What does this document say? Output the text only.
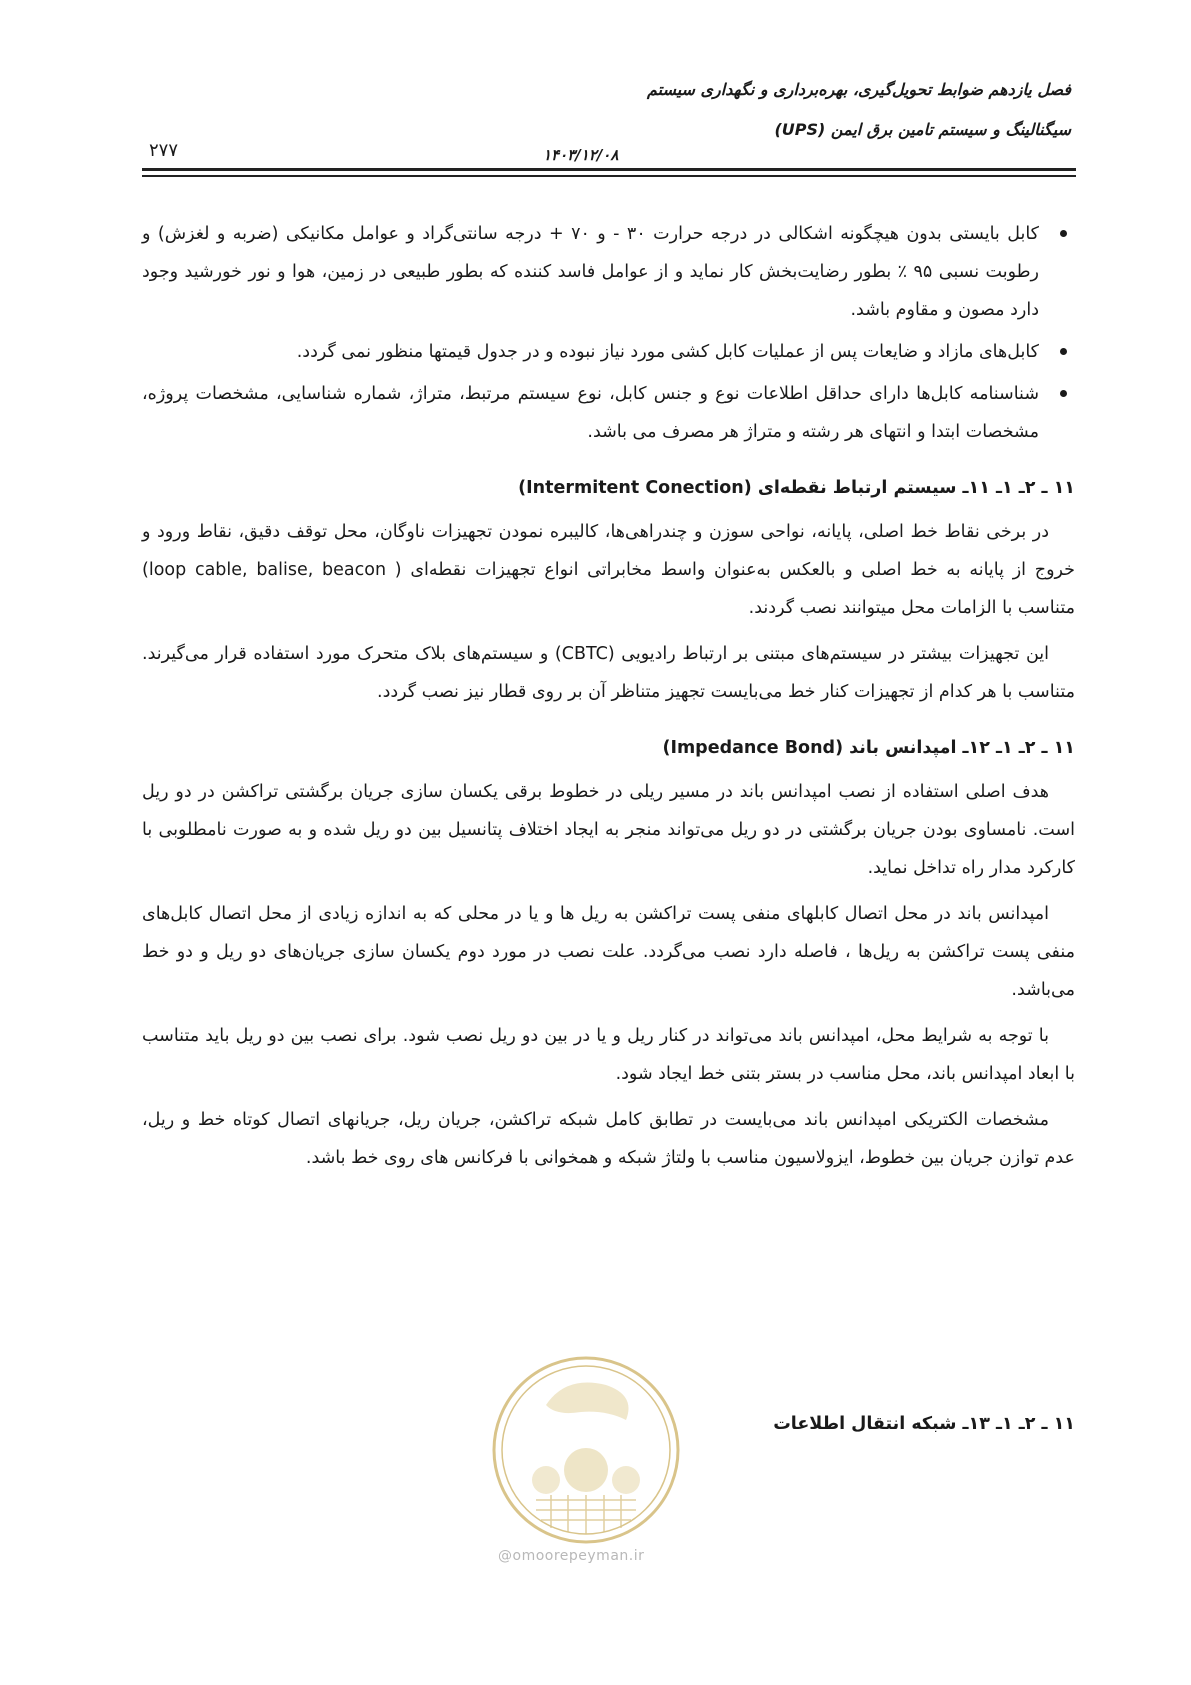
فصل یازدهم ضوابط تحویل‌گیری، بهره‌برداری و نگهداری سیستم
سیگنالینگ و سیستم تامین برق ایمن (UPS)
۱۴۰۳/۱۲/۰۸
۲۷۷
کابل بایستی بدون هیچگونه اشکالی در درجه حرارت ۳۰ - و ۷۰ + درجه سانتی‌گراد و عوامل مکانیکی (ضربه و لغزش) و رطوبت نسبی ۹۵ ٪ بطور رضایت‌بخش کار نماید و از عوامل فاسد کننده که بطور طبیعی در زمین، هوا و نور خورشید وجود دارد مصون و مقاوم باشد.
کابل‌های مازاد و ضایعات پس از عملیات کابل کشی مورد نیاز نبوده و در جدول قیمتها منظور نمی گردد.
شناسنامه کابل‌ها دارای حداقل اطلاعات نوع و جنس کابل، نوع سیستم مرتبط، متراژ، شماره شناسایی، مشخصات پروژه، مشخصات ابتدا و انتهای هر رشته و متراژ هر مصرف می باشد.
۱۱ ـ ۲ـ ۱ـ ۱۱ـ سیستم ارتباط نقطه‌ای (Intermitent Conection)

در برخی نقاط خط اصلی، پایانه، نواحی سوزن و چندراهی‌ها، کالیبره نمودن تجهیزات ناوگان، محل توقف دقیق، نقاط ورود و خروج از پایانه به خط اصلی و بالعکس به‌عنوان واسط مخابراتی انواع تجهیزات نقطه‌ای ( loop cable, balise, beacon) متناسب با الزامات محل میتوانند نصب گردند.

این تجهیزات بیشتر در سیستم‌های مبتنی بر ارتباط رادیویی (CBTC) و سیستم‌های بلاک متحرک مورد استفاده قرار می‌گیرند. متناسب با هر کدام از تجهیزات کنار خط می‌بایست تجهیز متناظر آن بر روی قطار نیز نصب گردد.

۱۱ ـ ۲ـ ۱ـ ۱۲ـ امپدانس باند (Impedance Bond)

هدف اصلی استفاده از نصب امپدانس باند در مسیر ریلی در خطوط برقی یکسان سازی جریان برگشتی تراکشن در دو ریل است. نامساوی بودن جریان برگشتی در دو ریل می‌تواند منجر به ایجاد اختلاف پتانسیل بین دو ریل شده و به صورت نامطلوبی با کارکرد مدار راه تداخل نماید.

امپدانس باند در محل اتصال کابلهای منفی پست تراکشن به ریل ها و یا در محلی که به اندازه زیادی از محل اتصال کابل‌های منفی پست تراکشن به ریل‌ها ، فاصله دارد نصب می‌گردد. علت نصب در مورد دوم یکسان سازی جریان‌های دو ریل و دو خط می‌باشد.

با توجه به شرایط محل، امپدانس باند می‌تواند در کنار ریل و یا در بین دو ریل نصب شود. برای نصب بین دو ریل باید متناسب با ابعاد امپدانس باند، محل مناسب در بستر بتنی خط ایجاد شود.

مشخصات الکتریکی امپدانس باند می‌بایست در تطابق کامل شبکه تراکشن، جریان ریل، جریانهای اتصال کوتاه خط و ریل، عدم توازن جریان بین خطوط، ایزولاسیون مناسب با ولتاژ شبکه و همخوانی با فرکانس های روی خط باشد.

@omoorepeyman.ir
۱۱ ـ ۲ـ ۱ـ ۱۳ـ شبکه انتقال اطلاعات
